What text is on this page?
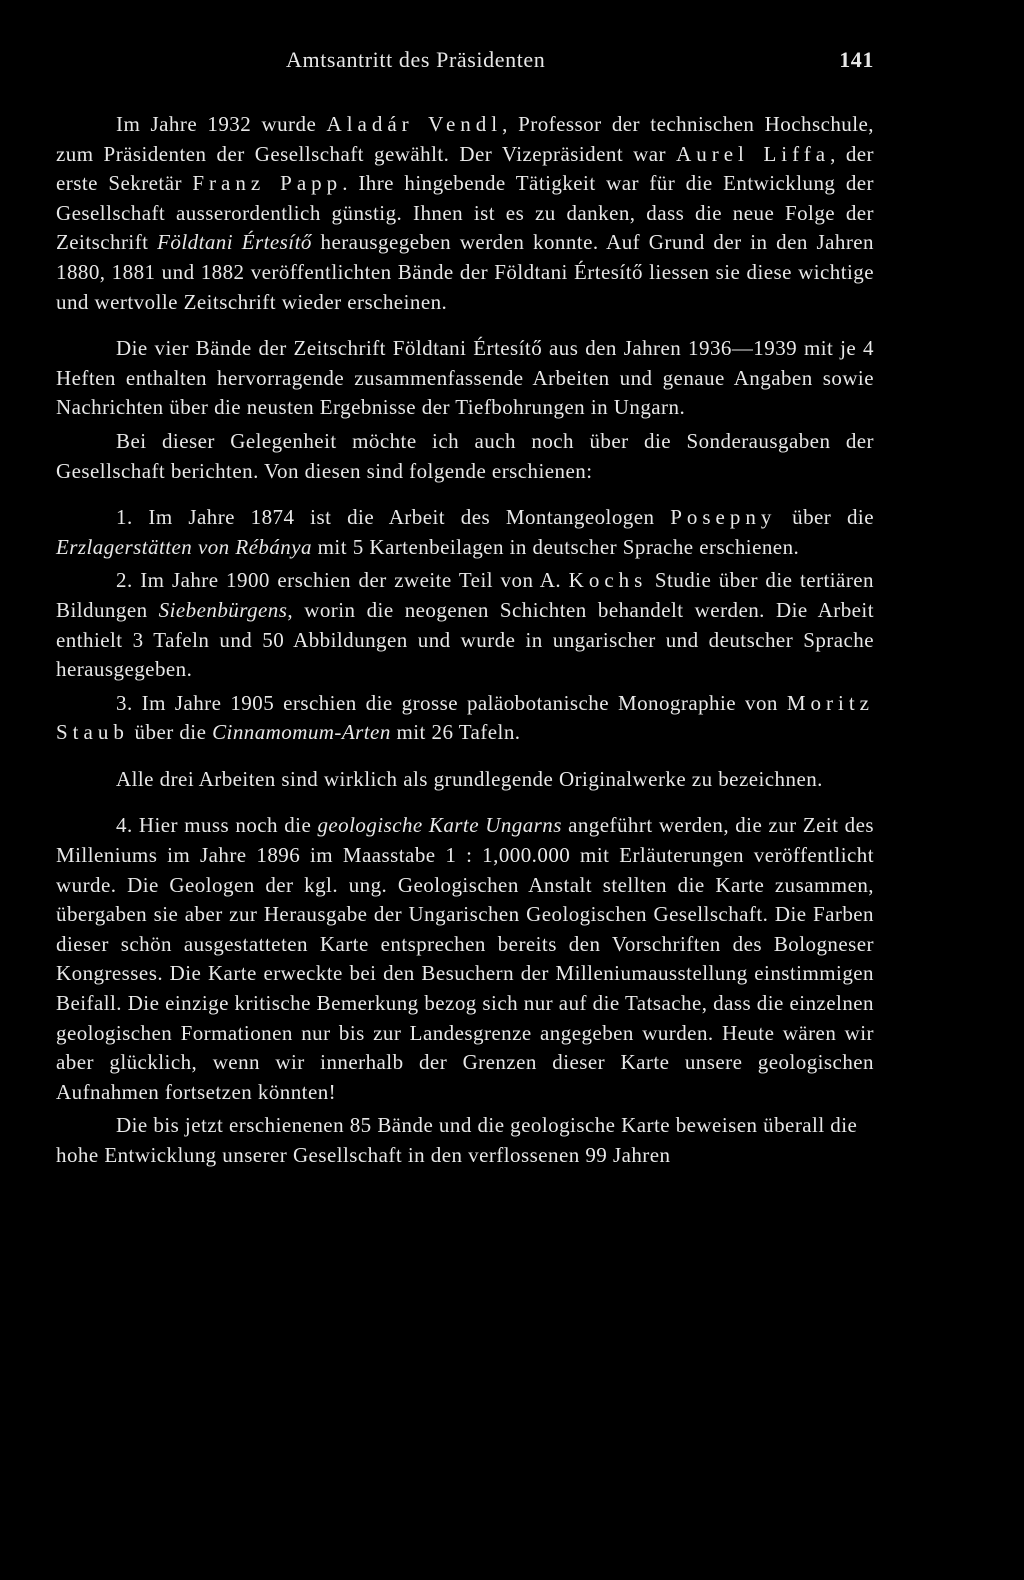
Amtsantritt des Präsidenten	141

Im Jahre 1932 wurde Aladár Vendl, Professor der technischen Hochschule, zum Präsidenten der Gesellschaft gewählt. Der Vizepräsident war Aurel Liffa, der erste Sekretär Franz Papp. Ihre hingebende Tätigkeit war für die Entwicklung der Gesellschaft ausserordentlich günstig. Ihnen ist es zu danken, dass die neue Folge der Zeitschrift Földtani Értesítő herausgegeben werden konnte. Auf Grund der in den Jahren 1880, 1881 und 1882 veröffentlichten Bände der Földtani Értesítő liessen sie diese wichtige und wertvolle Zeitschrift wieder erscheinen.

Die vier Bände der Zeitschrift Földtani Értesítő aus den Jahren 1936—1939 mit je 4 Heften enthalten hervorragende zusammenfassende Arbeiten und genaue Angaben sowie Nachrichten über die neusten Ergebnisse der Tiefbohrungen in Ungarn.

Bei dieser Gelegenheit möchte ich auch noch über die Sonderausgaben der Gesellschaft berichten. Von diesen sind folgende erschienen:

1. Im Jahre 1874 ist die Arbeit des Montangeologen Posepny über die Erzlagerstätten von Rébánya mit 5 Kartenbeilagen in deutscher Sprache erschienen.

2. Im Jahre 1900 erschien der zweite Teil von A. Kochs Studie über die tertiären Bildungen Siebenbürgens, worin die neogenen Schichten behandelt werden. Die Arbeit enthielt 3 Tafeln und 50 Abbildungen und wurde in ungarischer und deutscher Sprache herausgegeben.

3. Im Jahre 1905 erschien die grosse paläobotanische Monographie von Moritz Staub über die Cinnamomum-Arten mit 26 Tafeln.

Alle drei Arbeiten sind wirklich als grundlegende Originalwerke zu bezeichnen.

4. Hier muss noch die geologische Karte Ungarns angeführt werden, die zur Zeit des Milleniums im Jahre 1896 im Maasstabe 1 : 1,000.000 mit Erläuterungen veröffentlicht wurde. Die Geologen der kgl. ung. Geologischen Anstalt stellten die Karte zusammen, übergaben sie aber zur Herausgabe der Ungarischen Geologischen Gesellschaft. Die Farben dieser schön ausgestatteten Karte entsprechen bereits den Vorschriften des Bologneser Kongresses. Die Karte erweckte bei den Besuchern der Milleniumausstellung einstimmigen Beifall. Die einzige kritische Bemerkung bezog sich nur auf die Tatsache, dass die einzelnen geologischen Formationen nur bis zur Landesgrenze angegeben wurden. Heute wären wir aber glücklich, wenn wir innerhalb der Grenzen dieser Karte unsere geologischen Aufnahmen fortsetzen könnten!

Die bis jetzt erschienenen 85 Bände und die geologische Karte beweisen überall die hohe Entwicklung unserer Gesellschaft in den verflossenen 99 Jahren
